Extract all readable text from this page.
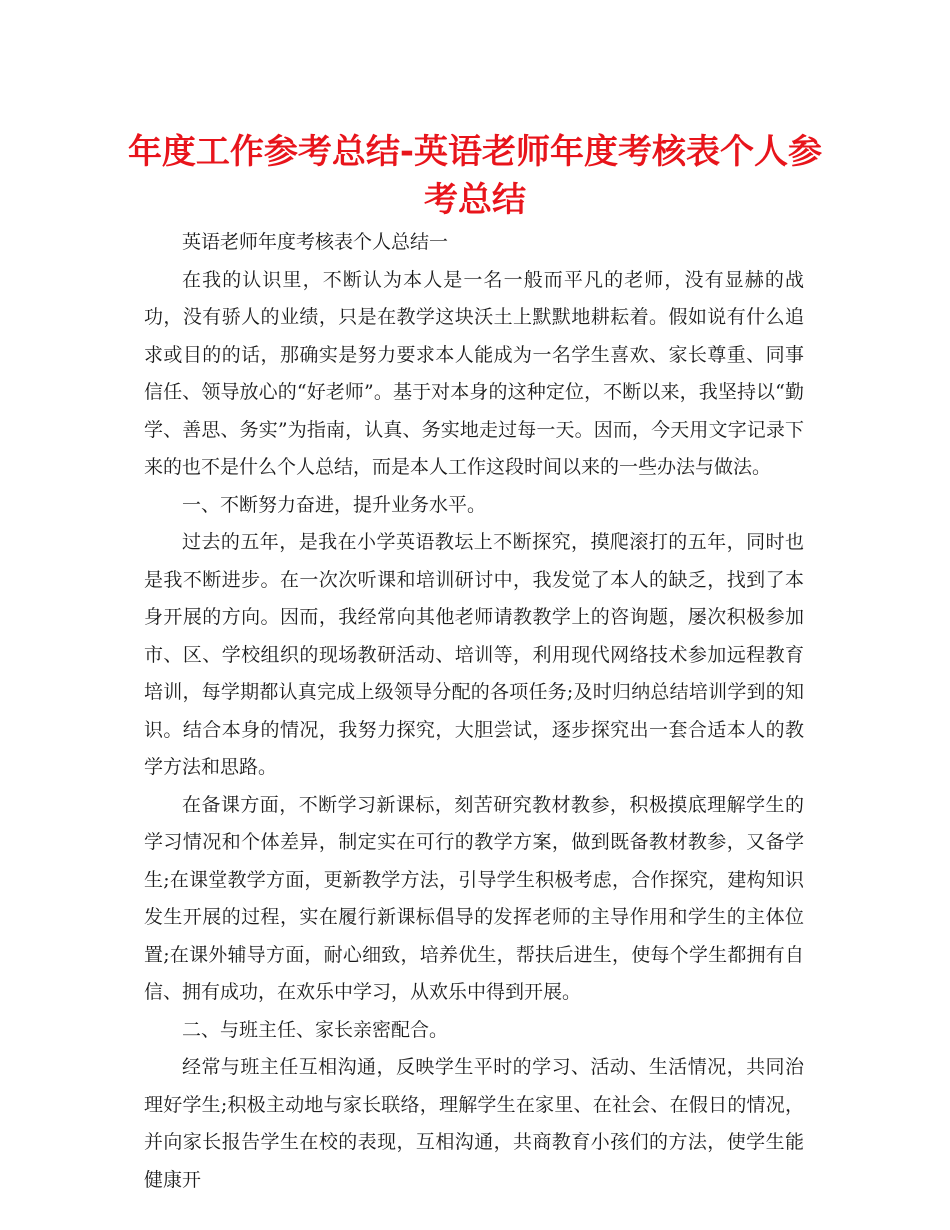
年度工作参考总结-英语老师年度考核表个人参考总结

英语老师年度考核表个人总结一

在我的认识里，不断认为本人是一名一般而平凡的老师，没有显赫的战功，没有骄人的业绩，只是在教学这块沃土上默默地耕耘着。假如说有什么追求或目的的话，那确实是努力要求本人能成为一名学生喜欢、家长尊重、同事信任、领导放心的“好老师”。基于对本身的这种定位，不断以来，我坚持以“勤学、善思、务实”为指南，认真、务实地走过每一天。因而，今天用文字记录下来的也不是什么个人总结，而是本人工作这段时间以来的一些办法与做法。

一、不断努力奋进，提升业务水平。

过去的五年，是我在小学英语教坛上不断探究，摸爬滚打的五年，同时也是我不断进步。在一次次听课和培训研讨中，我发觉了本人的缺乏，找到了本身开展的方向。因而，我经常向其他老师请教教学上的咨询题，屡次积极参加市、区、学校组织的现场教研活动、培训等，利用现代网络技术参加远程教育培训，每学期都认真完成上级领导分配的各项任务;及时归纳总结培训学到的知识。结合本身的情况，我努力探究，大胆尝试，逐步探究出一套合适本人的教学方法和思路。

在备课方面，不断学习新课标，刻苦研究教材教参，积极摸底理解学生的学习情况和个体差异，制定实在可行的教学方案，做到既备教材教参，又备学生;在课堂教学方面，更新教学方法，引导学生积极考虑，合作探究，建构知识发生开展的过程，实在履行新课标倡导的发挥老师的主导作用和学生的主体位置;在课外辅导方面，耐心细致，培养优生，帮扶后进生，使每个学生都拥有自信、拥有成功，在欢乐中学习，从欢乐中得到开展。

二、与班主任、家长亲密配合。

经常与班主任互相沟通，反映学生平时的学习、活动、生活情况，共同治理好学生;积极主动地与家长联络，理解学生在家里、在社会、在假日的情况，并向家长报告学生在校的表现，互相沟通，共商教育小孩们的方法，使学生能健康开
